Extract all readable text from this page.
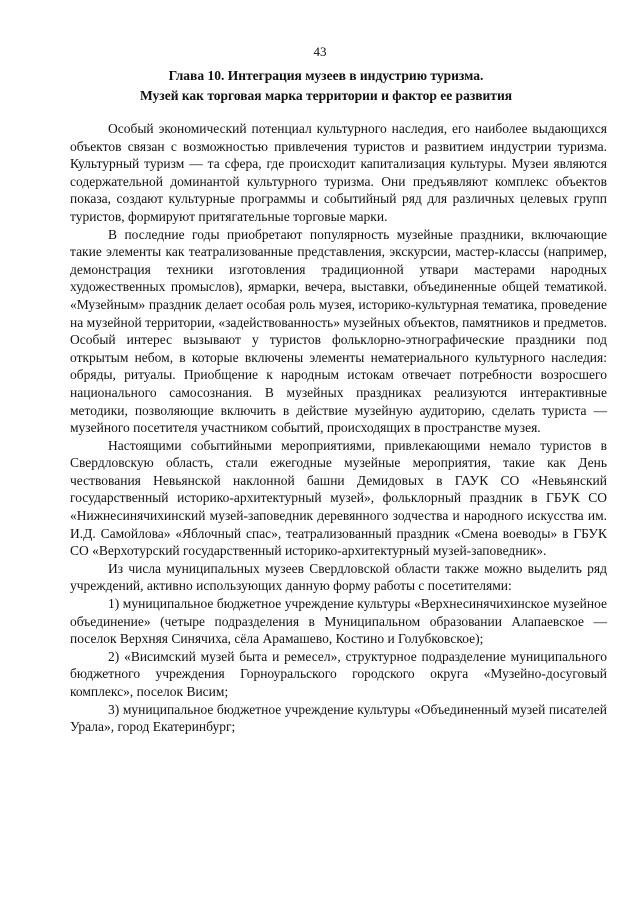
43
Глава 10. Интеграция музеев в индустрию туризма.
Музей как торговая марка территории и фактор ее развития

Особый экономический потенциал культурного наследия, его наиболее выдающихся объектов связан с возможностью привлечения туристов и развитием индустрии туризма. Культурный туризм — та сфера, где происходит капитализация культуры. Музеи являются содержательной доминантой культурного туризма. Они предъявляют комплекс объектов показа, создают культурные программы и событийный ряд для различных целевых групп туристов, формируют притягательные торговые марки.

В последние годы приобретают популярность музейные праздники, включающие такие элементы как театрализованные представления, экскурсии, мастер-классы (например, демонстрация техники изготовления традиционной утвари мастерами народных художественных промыслов), ярмарки, вечера, выставки, объединенные общей тематикой. «Музейным» праздник делает особая роль музея, историко-культурная тематика, проведение на музейной территории, «задействованность» музейных объектов, памятников и предметов. Особый интерес вызывают у туристов фольклорно-этнографические праздники под открытым небом, в которые включены элементы нематериального культурного наследия: обряды, ритуалы. Приобщение к народным истокам отвечает потребности возросшего национального самосознания. В музейных праздниках реализуются интерактивные методики, позволяющие включить в действие музейную аудиторию, сделать туриста — музейного посетителя участником событий, происходящих в пространстве музея.

Настоящими событийными мероприятиями, привлекающими немало туристов в Свердловскую область, стали ежегодные музейные мероприятия, такие как День чествования Невьянской наклонной башни Демидовых в ГАУК СО «Невьянский государственный историко-архитектурный музей», фольклорный праздник в ГБУК СО «Нижнесинячихинский музей-заповедник деревянного зодчества и народного искусства им. И.Д. Самойлова» «Яблочный спас», театрализованный праздник «Смена воеводы» в ГБУК СО «Верхотурский государственный историко-архитектурный музей-заповедник».

Из числа муниципальных музеев Свердловской области также можно выделить ряд учреждений, активно использующих данную форму работы с посетителями:

1) муниципальное бюджетное учреждение культуры «Верхнесинячихинское музейное объединение» (четыре подразделения в Муниципальном образовании Алапаевское — поселок Верхняя Синячиха, сёла Арамашево, Костино и Голубковское);

2) «Висимский музей быта и ремесел», структурное подразделение муниципального бюджетного учреждения Горноуральского городского округа «Музейно-досуговый комплекс», поселок Висим;

3) муниципальное бюджетное учреждение культуры «Объединенный музей писателей Урала», город Екатеринбург;
